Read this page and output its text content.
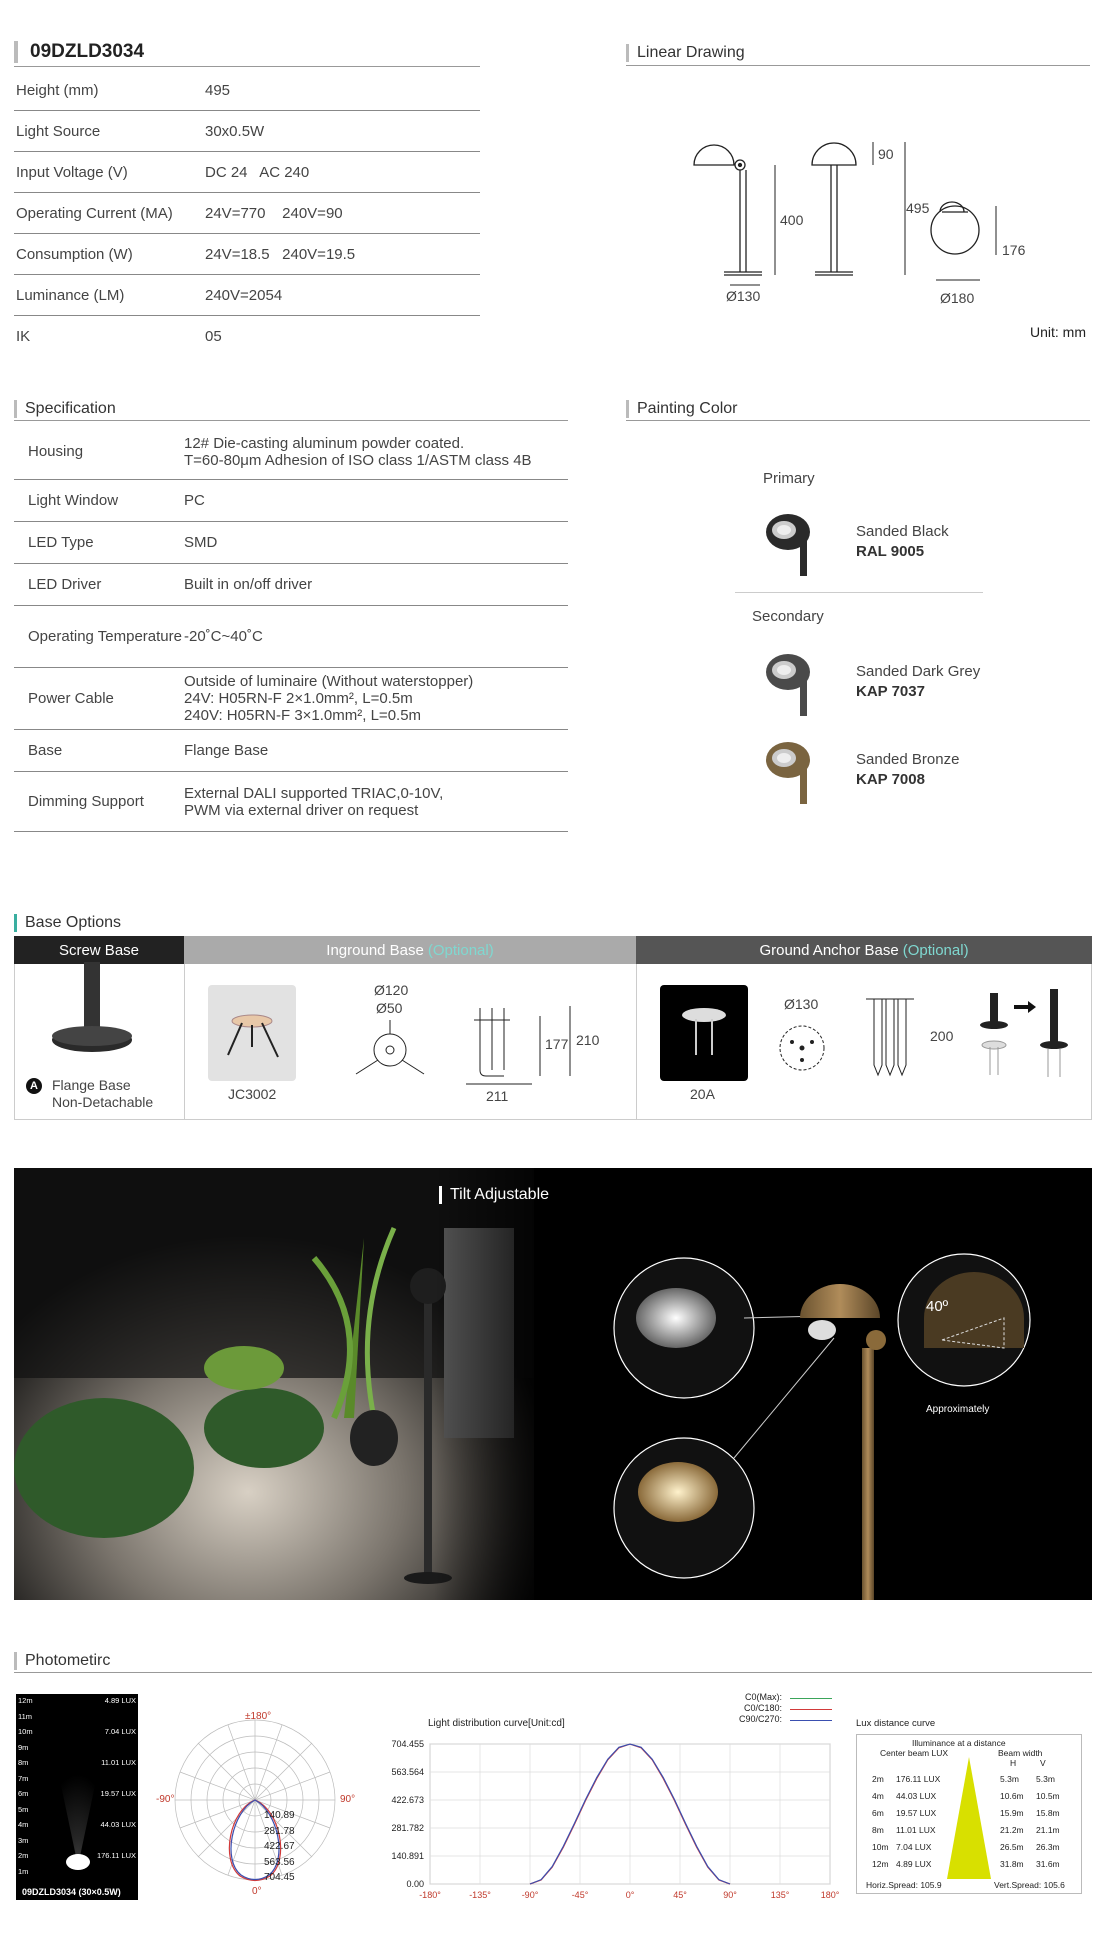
09DZLD3034
Height (mm)	495
Light Source	30x0.5W
Input Voltage (V)	DC 24   AC 240
Operating Current (MA)	24V=770    240V=90
Consumption (W)	24V=18.5   240V=19.5
Luminance (LM)	240V=2054
IK	05
Linear Drawing
Ø130
400
90
495
176
Ø180
Unit: mm
Specification
Housing	12# Die-casting aluminum powder coated.
T=60-80μm Adhesion of ISO class 1/ASTM class 4B
Light Window	PC
LED Type	SMD
LED Driver	Built in on/off driver
Operating Temperature -20˚C~40˚C
Power Cable
Outside of luminaire (Without waterstopper)
24V: H05RN-F 2×1.0mm², L=0.5m
240V: H05RN-F 3×1.0mm², L=0.5m
Base	Flange Base
Dimming Support	External DALI supported TRIAC,0-10V,
PWM via external driver on request
Painting Color
Primary
Secondary
Sanded Black
RAL 9005
Sanded Dark Grey
KAP 7037
Sanded Bronze
KAP 7008
Base Options
Screw Base	Inground Base (Optional)	Ground Anchor Base (Optional)
A Flange Base
Non-Detachable	JC3002
Ø120
Ø50
177 210
211	20A
Ø130
200
Tilt Adjustable
40º
Approximately
Photometirc
12m
11m
10m
9m
8m
7m
6m
5m
4m
3m
2m
1m
4.89 LUX
7.04 LUX
11.01 LUX
19.57 LUX
44.03 LUX
176.11 LUX
09DZLD3034 (30×0.5W)
±180°
-90°	90°
0°
140.89
281.78
422.67
563.56
704.45
Light distribution curve[Unit:cd]
C0(Max):
C0/C180:
C90/C270:
-180°	-135°	-90°	-45°	0°	45°	90°	135°	180°
704.455
563.564
422.673
281.782
140.891
0.00
Lux distance curve
Illuminance at a distance
Center beam LUX	Beam width
H	V
2m 176.11 LUX	5.3m 5.3m
4m 44.03 LUX	10.6m 10.5m
6m 19.57 LUX	15.9m 15.8m
8m 11.01 LUX	21.2m 21.1m
10m 7.04 LUX	26.5m 26.3m
12m 4.89 LUX	31.8m 31.6m
Horiz.Spread: 105.9	Vert.Spread: 105.6
